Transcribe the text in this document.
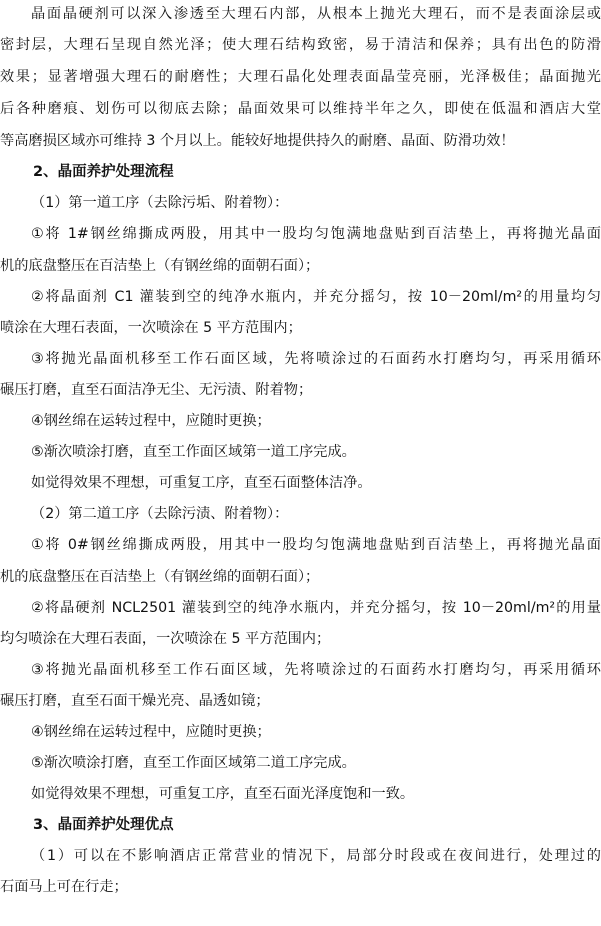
晶面晶硬剂可以深入渗透至大理石内部，从根本上抛光大理石，而不是表面涂层或
密封层，大理石呈现自然光泽；使大理石结构致密，易于清洁和保养；具有出色的防滑
效果；显著增强大理石的耐磨性；大理石晶化处理表面晶莹亮丽，光泽极佳；晶面抛光
后各种磨痕、划伤可以彻底去除；晶面效果可以维持半年之久，即使在低温和酒店大堂
等高磨损区域亦可维持 3 个月以上。能较好地提供持久的耐磨、晶面、防滑功效！
2、晶面养护处理流程
（1）第一道工序（去除污垢、附着物）：
①将 1#钢丝绵撕成两股，用其中一股均匀饱满地盘贴到百洁垫上，再将抛光晶面
机的底盘整压在百洁垫上（有钢丝绵的面朝石面）；
②将晶面剂 C1 灌装到空的纯净水瓶内，并充分摇匀，按 10－20ml/m²的用量均匀
喷涂在大理石表面，一次喷涂在 5 平方范围内；
③将抛光晶面机移至工作石面区域，先将喷涂过的石面药水打磨均匀，再采用循环
碾压打磨，直至石面洁净无尘、无污渍、附着物；
④钢丝绵在运转过程中，应随时更换；
⑤渐次喷涂打磨，直至工作面区域第一道工序完成。
如觉得效果不理想，可重复工序，直至石面整体洁净。
（2）第二道工序（去除污渍、附着物）：
①将 0#钢丝绵撕成两股，用其中一股均匀饱满地盘贴到百洁垫上，再将抛光晶面
机的底盘整压在百洁垫上（有钢丝绵的面朝石面）；
②将晶硬剂 NCL2501 灌装到空的纯净水瓶内，并充分摇匀，按 10－20ml/m²的用量
均匀喷涂在大理石表面，一次喷涂在 5 平方范围内；
③将抛光晶面机移至工作石面区域，先将喷涂过的石面药水打磨均匀，再采用循环
碾压打磨，直至石面干燥光亮、晶透如镜；
④钢丝绵在运转过程中，应随时更换；
⑤渐次喷涂打磨，直至工作面区域第二道工序完成。
如觉得效果不理想，可重复工序，直至石面光泽度饱和一致。
3、晶面养护处理优点
（1）可以在不影响酒店正常营业的情况下，局部分时段或在夜间进行，处理过的
石面马上可在行走；
